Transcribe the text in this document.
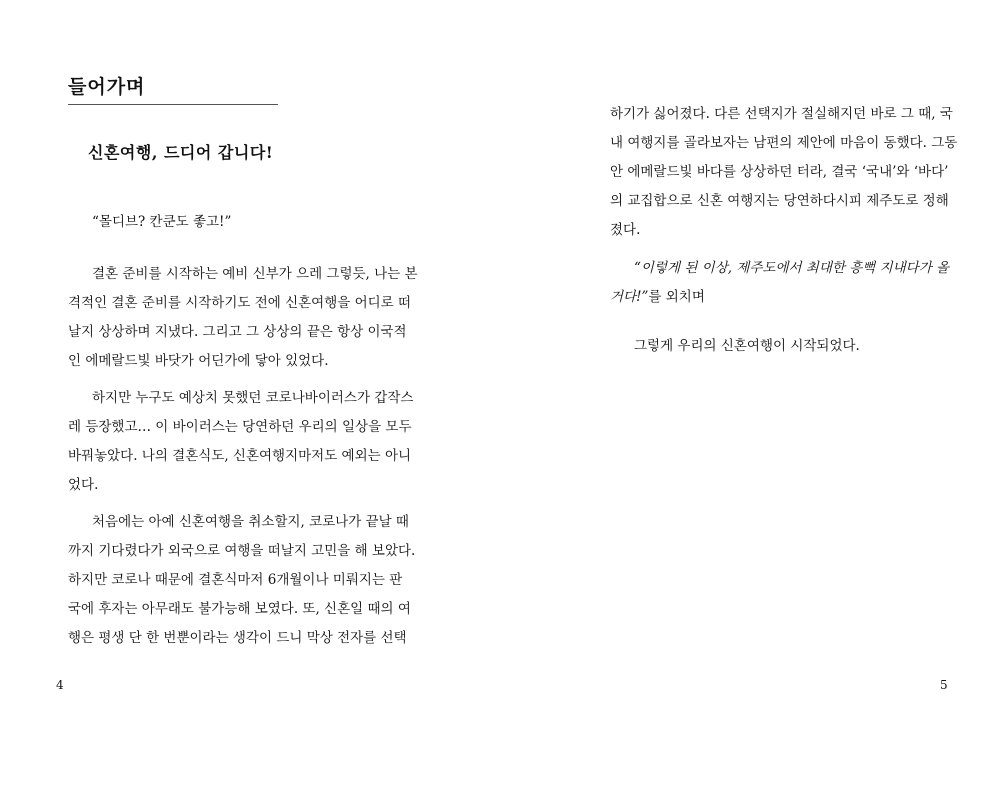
들어가며
신혼여행, 드디어 갑니다!

“몰디브? 칸쿤도 좋고!”

결혼 준비를 시작하는 예비 신부가 으레 그렇듯, 나는 본
격적인 결혼 준비를 시작하기도 전에 신혼여행을 어디로 떠
날지 상상하며 지냈다. 그리고 그 상상의 끝은 항상 이국적
인 에메랄드빛 바닷가 어딘가에 닿아 있었다.

하지만 누구도 예상치 못했던 코로나바이러스가 갑작스
레 등장했고… 이 바이러스는 당연하던 우리의 일상을 모두
바꿔놓았다. 나의 결혼식도, 신혼여행지마저도 예외는 아니
었다.

처음에는 아예 신혼여행을 취소할지, 코로나가 끝날 때
까지 기다렸다가 외국으로 여행을 떠날지 고민을 해 보았다.
하지만 코로나 때문에 결혼식마저 6개월이나 미뤄지는 판
국에 후자는 아무래도 불가능해 보였다. 또, 신혼일 때의 여
행은 평생 단 한 번뿐이라는 생각이 드니 막상 전자를 선택

4

하기가 싫어졌다. 다른 선택지가 절실해지던 바로 그 때, 국
내 여행지를 골라보자는 남편의 제안에 마음이 동했다. 그동
안 에메랄드빛 바다를 상상하던 터라, 결국 ‘국내’와 ‘바다’
의 교집합으로 신혼 여행지는 당연하다시피 제주도로 정해
졌다.

“이렇게 된 이상, 제주도에서 최대한 흥뻑 지내다가 올
거다!”를 외치며

그렇게 우리의 신혼여행이 시작되었다.

5
